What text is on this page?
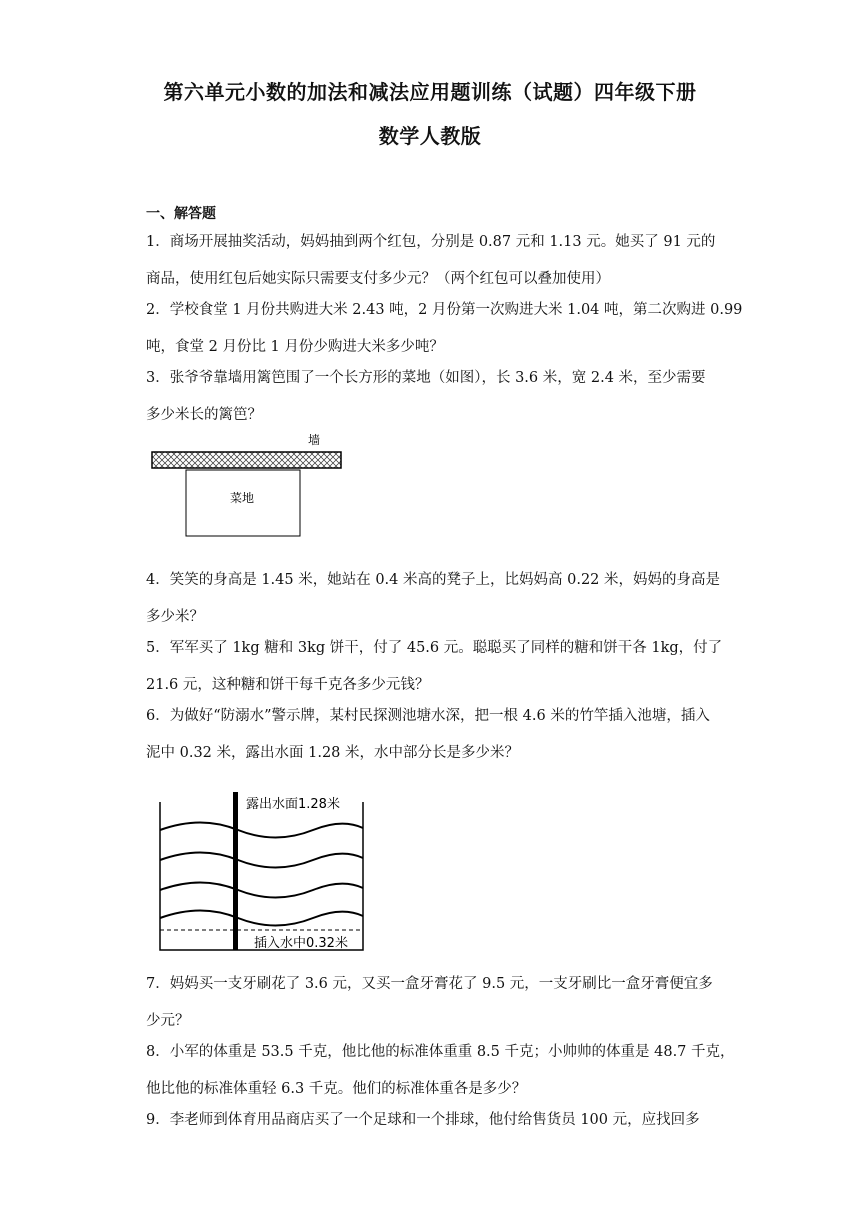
第六单元小数的加法和减法应用题训练（试题）四年级下册
数学人教版
一、解答题

1．商场开展抽奖活动，妈妈抽到两个红包，分别是 0.87 元和 1.13 元。她买了 91 元的

商品，使用红包后她实际只需要支付多少元？（两个红包可以叠加使用）

2．学校食堂 1 月份共购进大米 2.43 吨，2 月份第一次购进大米 1.04 吨，第二次购进 0.99

吨，食堂 2 月份比 1 月份少购进大米多少吨？

3．张爷爷靠墙用篱笆围了一个长方形的菜地（如图），长 3.6 米，宽 2.4 米，至少需要

多少米长的篱笆？

墙
菜地

4．笑笑的身高是 1.45 米，她站在 0.4 米高的凳子上，比妈妈高 0.22 米，妈妈的身高是

多少米？

5．军军买了 1kg 糖和 3kg 饼干，付了 45.6 元。聪聪买了同样的糖和饼干各 1kg，付了

21.6 元，这种糖和饼干每千克各多少元钱？

6．为做好“防溺水”警示牌，某村民探测池塘水深，把一根 4.6 米的竹竿插入池塘，插入

泥中 0.32 米，露出水面 1.28 米，水中部分长是多少米？

露出水面1.28米
插入水中0.32米

7．妈妈买一支牙刷花了 3.6 元，又买一盒牙膏花了 9.5 元，一支牙刷比一盒牙膏便宜多

少元？

8．小军的体重是 53.5 千克，他比他的标准体重重 8.5 千克；小帅帅的体重是 48.7 千克，

他比他的标准体重轻 6.3 千克。他们的标准体重各是多少？

9．李老师到体育用品商店买了一个足球和一个排球，他付给售货员 100 元，应找回多
